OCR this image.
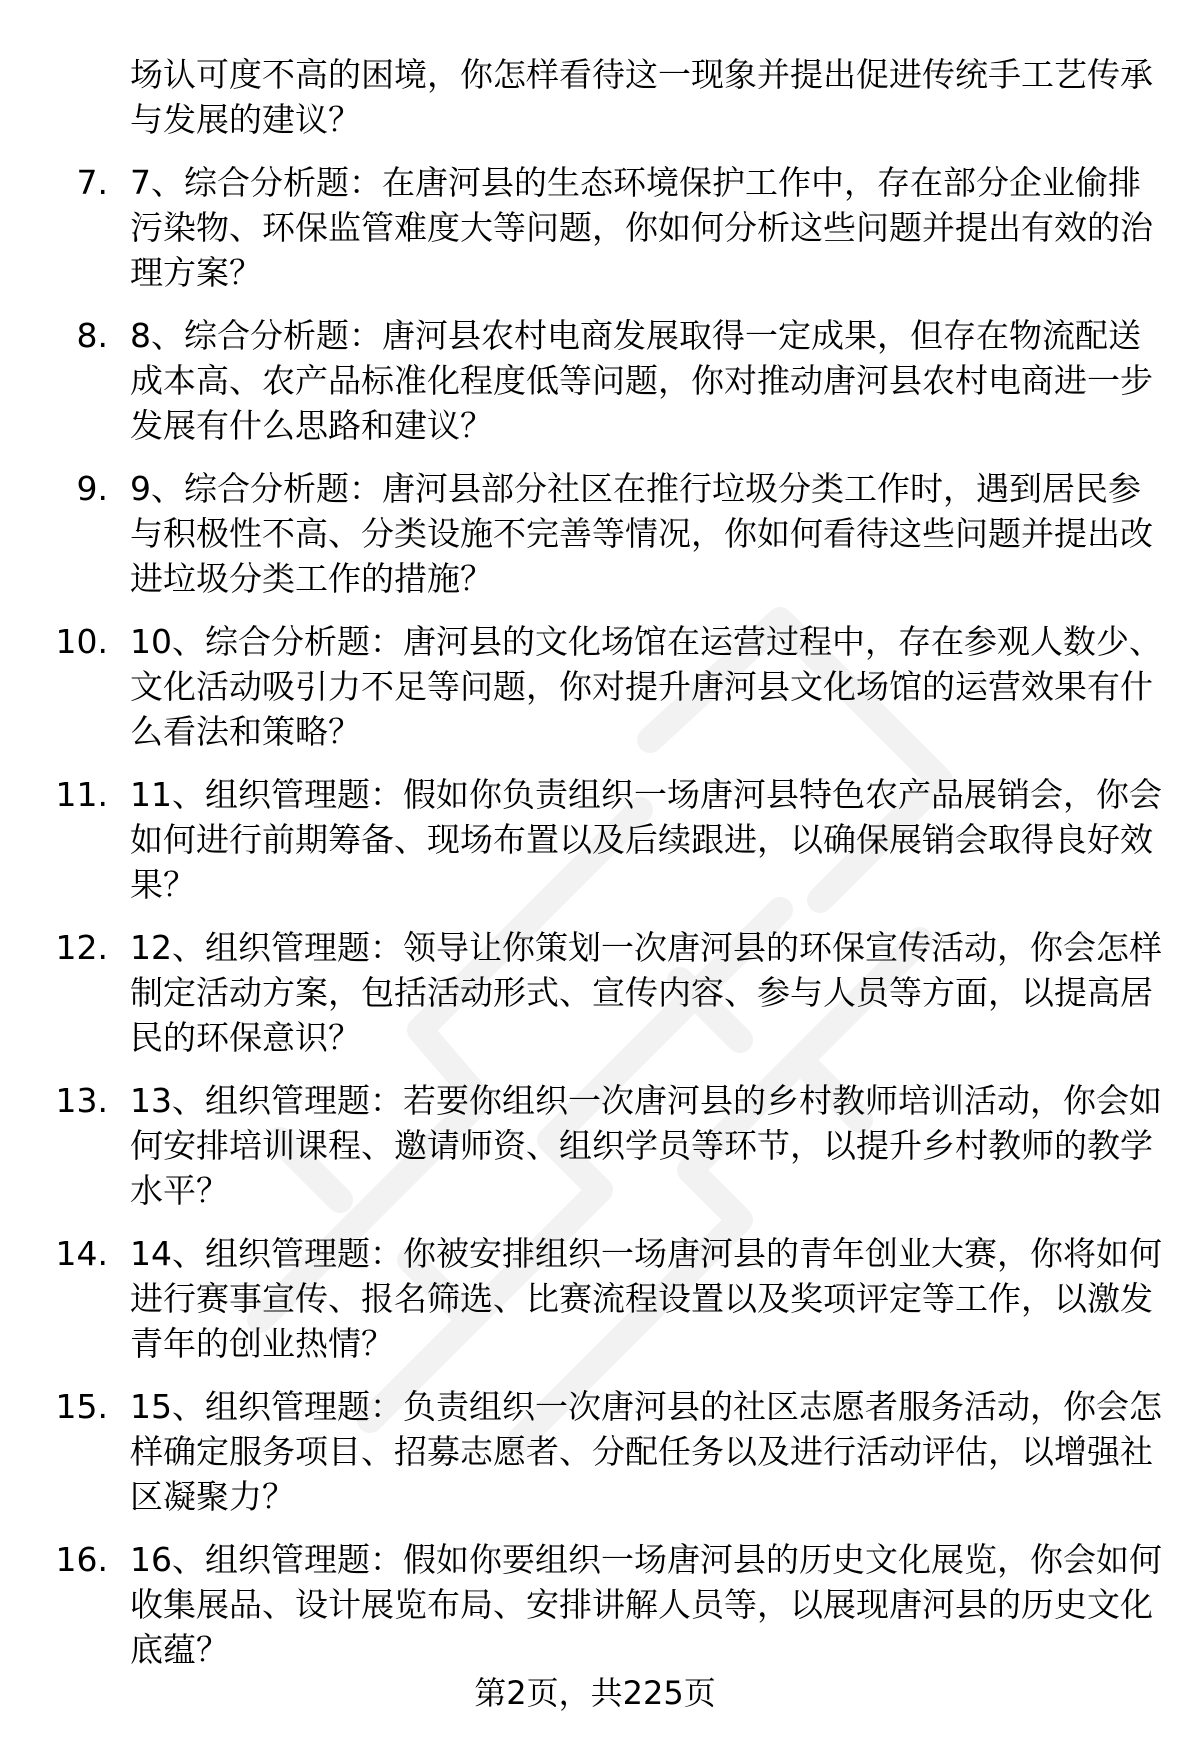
场认可度不高的困境，你怎样看待这一现象并提出促进传统手工艺传承与发展的建议？

7. 7、综合分析题：在唐河县的生态环境保护工作中，存在部分企业偷排污染物、环保监管难度大等问题，你如何分析这些问题并提出有效的治理方案？

8. 8、综合分析题：唐河县农村电商发展取得一定成果，但存在物流配送成本高、农产品标准化程度低等问题，你对推动唐河县农村电商进一步发展有什么思路和建议？

9. 9、综合分析题：唐河县部分社区在推行垃圾分类工作时，遇到居民参与积极性不高、分类设施不完善等情况，你如何看待这些问题并提出改进垃圾分类工作的措施？

10. 10、综合分析题：唐河县的文化场馆在运营过程中，存在参观人数少、文化活动吸引力不足等问题，你对提升唐河县文化场馆的运营效果有什么看法和策略？

11. 11、组织管理题：假如你负责组织一场唐河县特色农产品展销会，你会如何进行前期筹备、现场布置以及后续跟进，以确保展销会取得良好效果？

12. 12、组织管理题：领导让你策划一次唐河县的环保宣传活动，你会怎样制定活动方案，包括活动形式、宣传内容、参与人员等方面，以提高居民的环保意识？

13. 13、组织管理题：若要你组织一次唐河县的乡村教师培训活动，你会如何安排培训课程、邀请师资、组织学员等环节，以提升乡村教师的教学水平？

14. 14、组织管理题：你被安排组织一场唐河县的青年创业大赛，你将如何进行赛事宣传、报名筛选、比赛流程设置以及奖项评定等工作，以激发青年的创业热情？

15. 15、组织管理题：负责组织一次唐河县的社区志愿者服务活动，你会怎样确定服务项目、招募志愿者、分配任务以及进行活动评估，以增强社区凝聚力？

16. 16、组织管理题：假如你要组织一场唐河县的历史文化展览，你会如何收集展品、设计展览布局、安排讲解人员等，以展现唐河县的历史文化底蕴？

第2页，共225页
